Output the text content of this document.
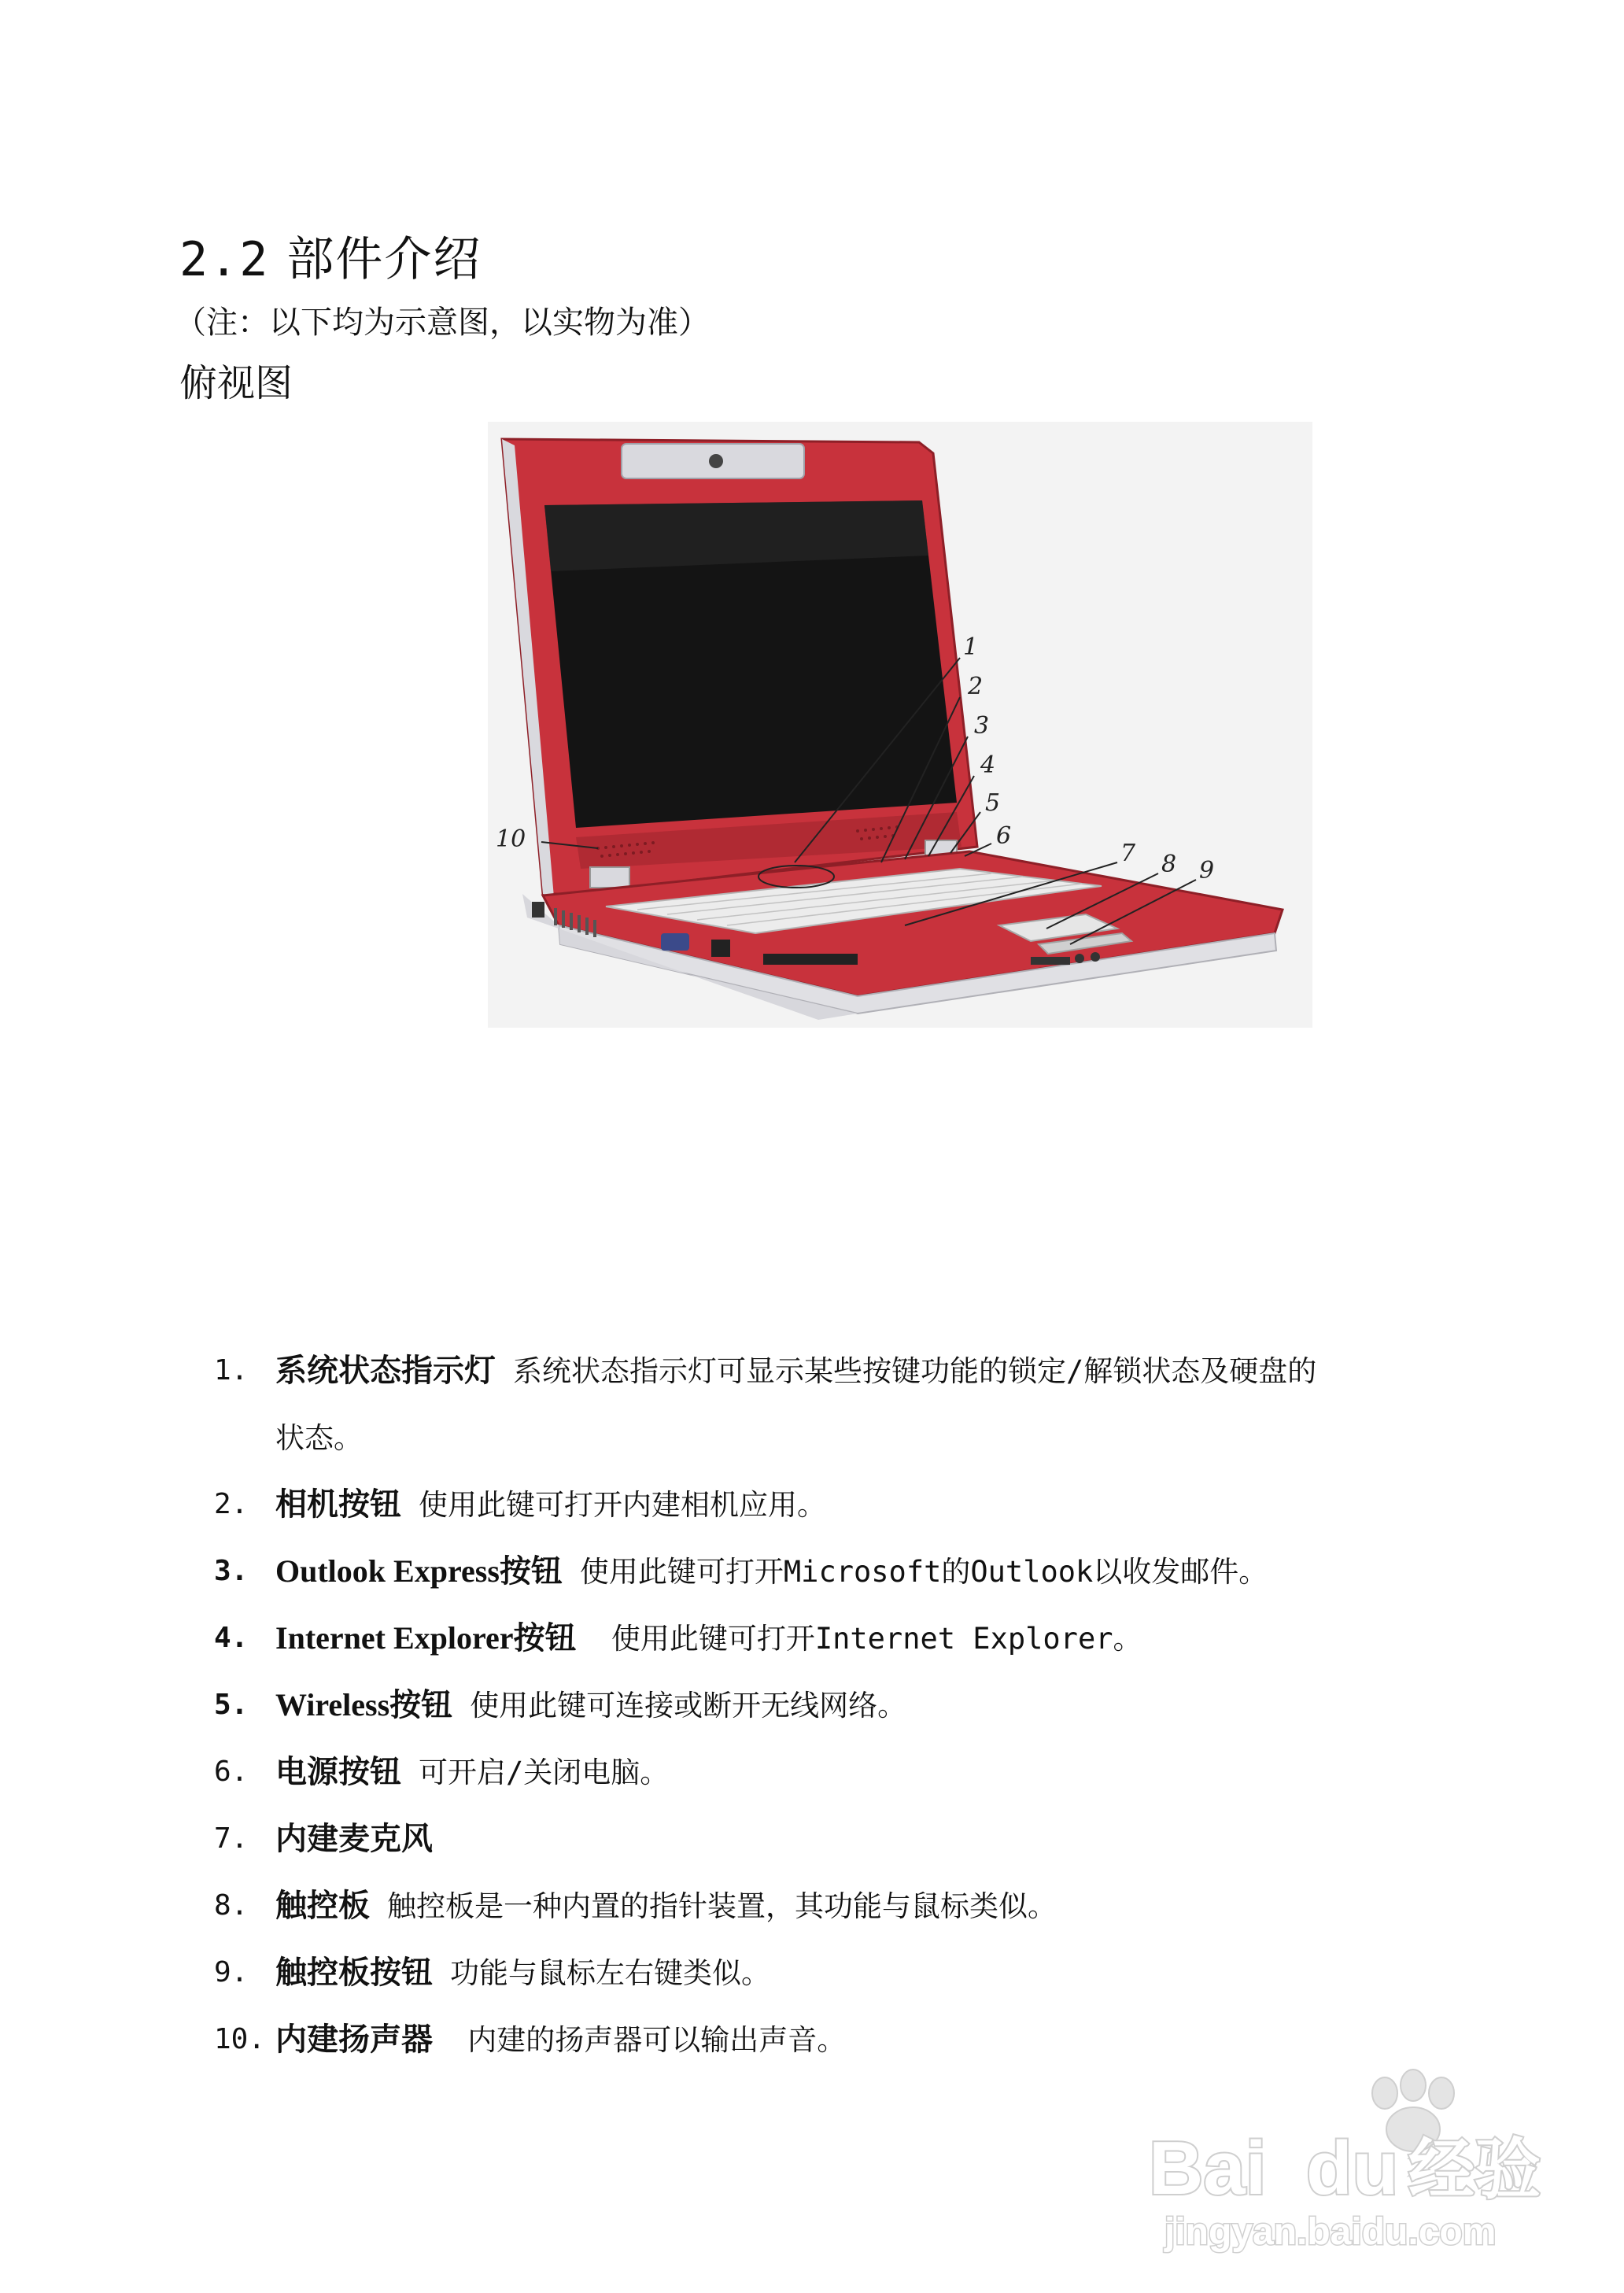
2.2 部件介绍
（注：以下均为示意图，以实物为准）
俯视图
1
2
3
4
5
6
7 8 9
10
1. 系统状态指示灯 系统状态指示灯可显示某些按键功能的锁定/解锁状态及硬盘的
状态。
2. 相机按钮 使用此键可打开内建相机应用。
3. Outlook Express按钮 使用此键可打开Microsoft的Outlook以收发邮件。
4. Internet Explorer按钮 使用此键可打开Internet Explorer。
5. Wireless按钮 使用此键可连接或断开无线网络。
6. 电源按钮 可开启/关闭电脑。
7. 内建麦克风
8. 触控板 触控板是一种内置的指针装置，其功能与鼠标类似。
9. 触控板按钮 功能与鼠标左右键类似。
10. 内建扬声器 内建的扬声器可以输出声音。
Bai du 经验
jingyan.baidu.com
